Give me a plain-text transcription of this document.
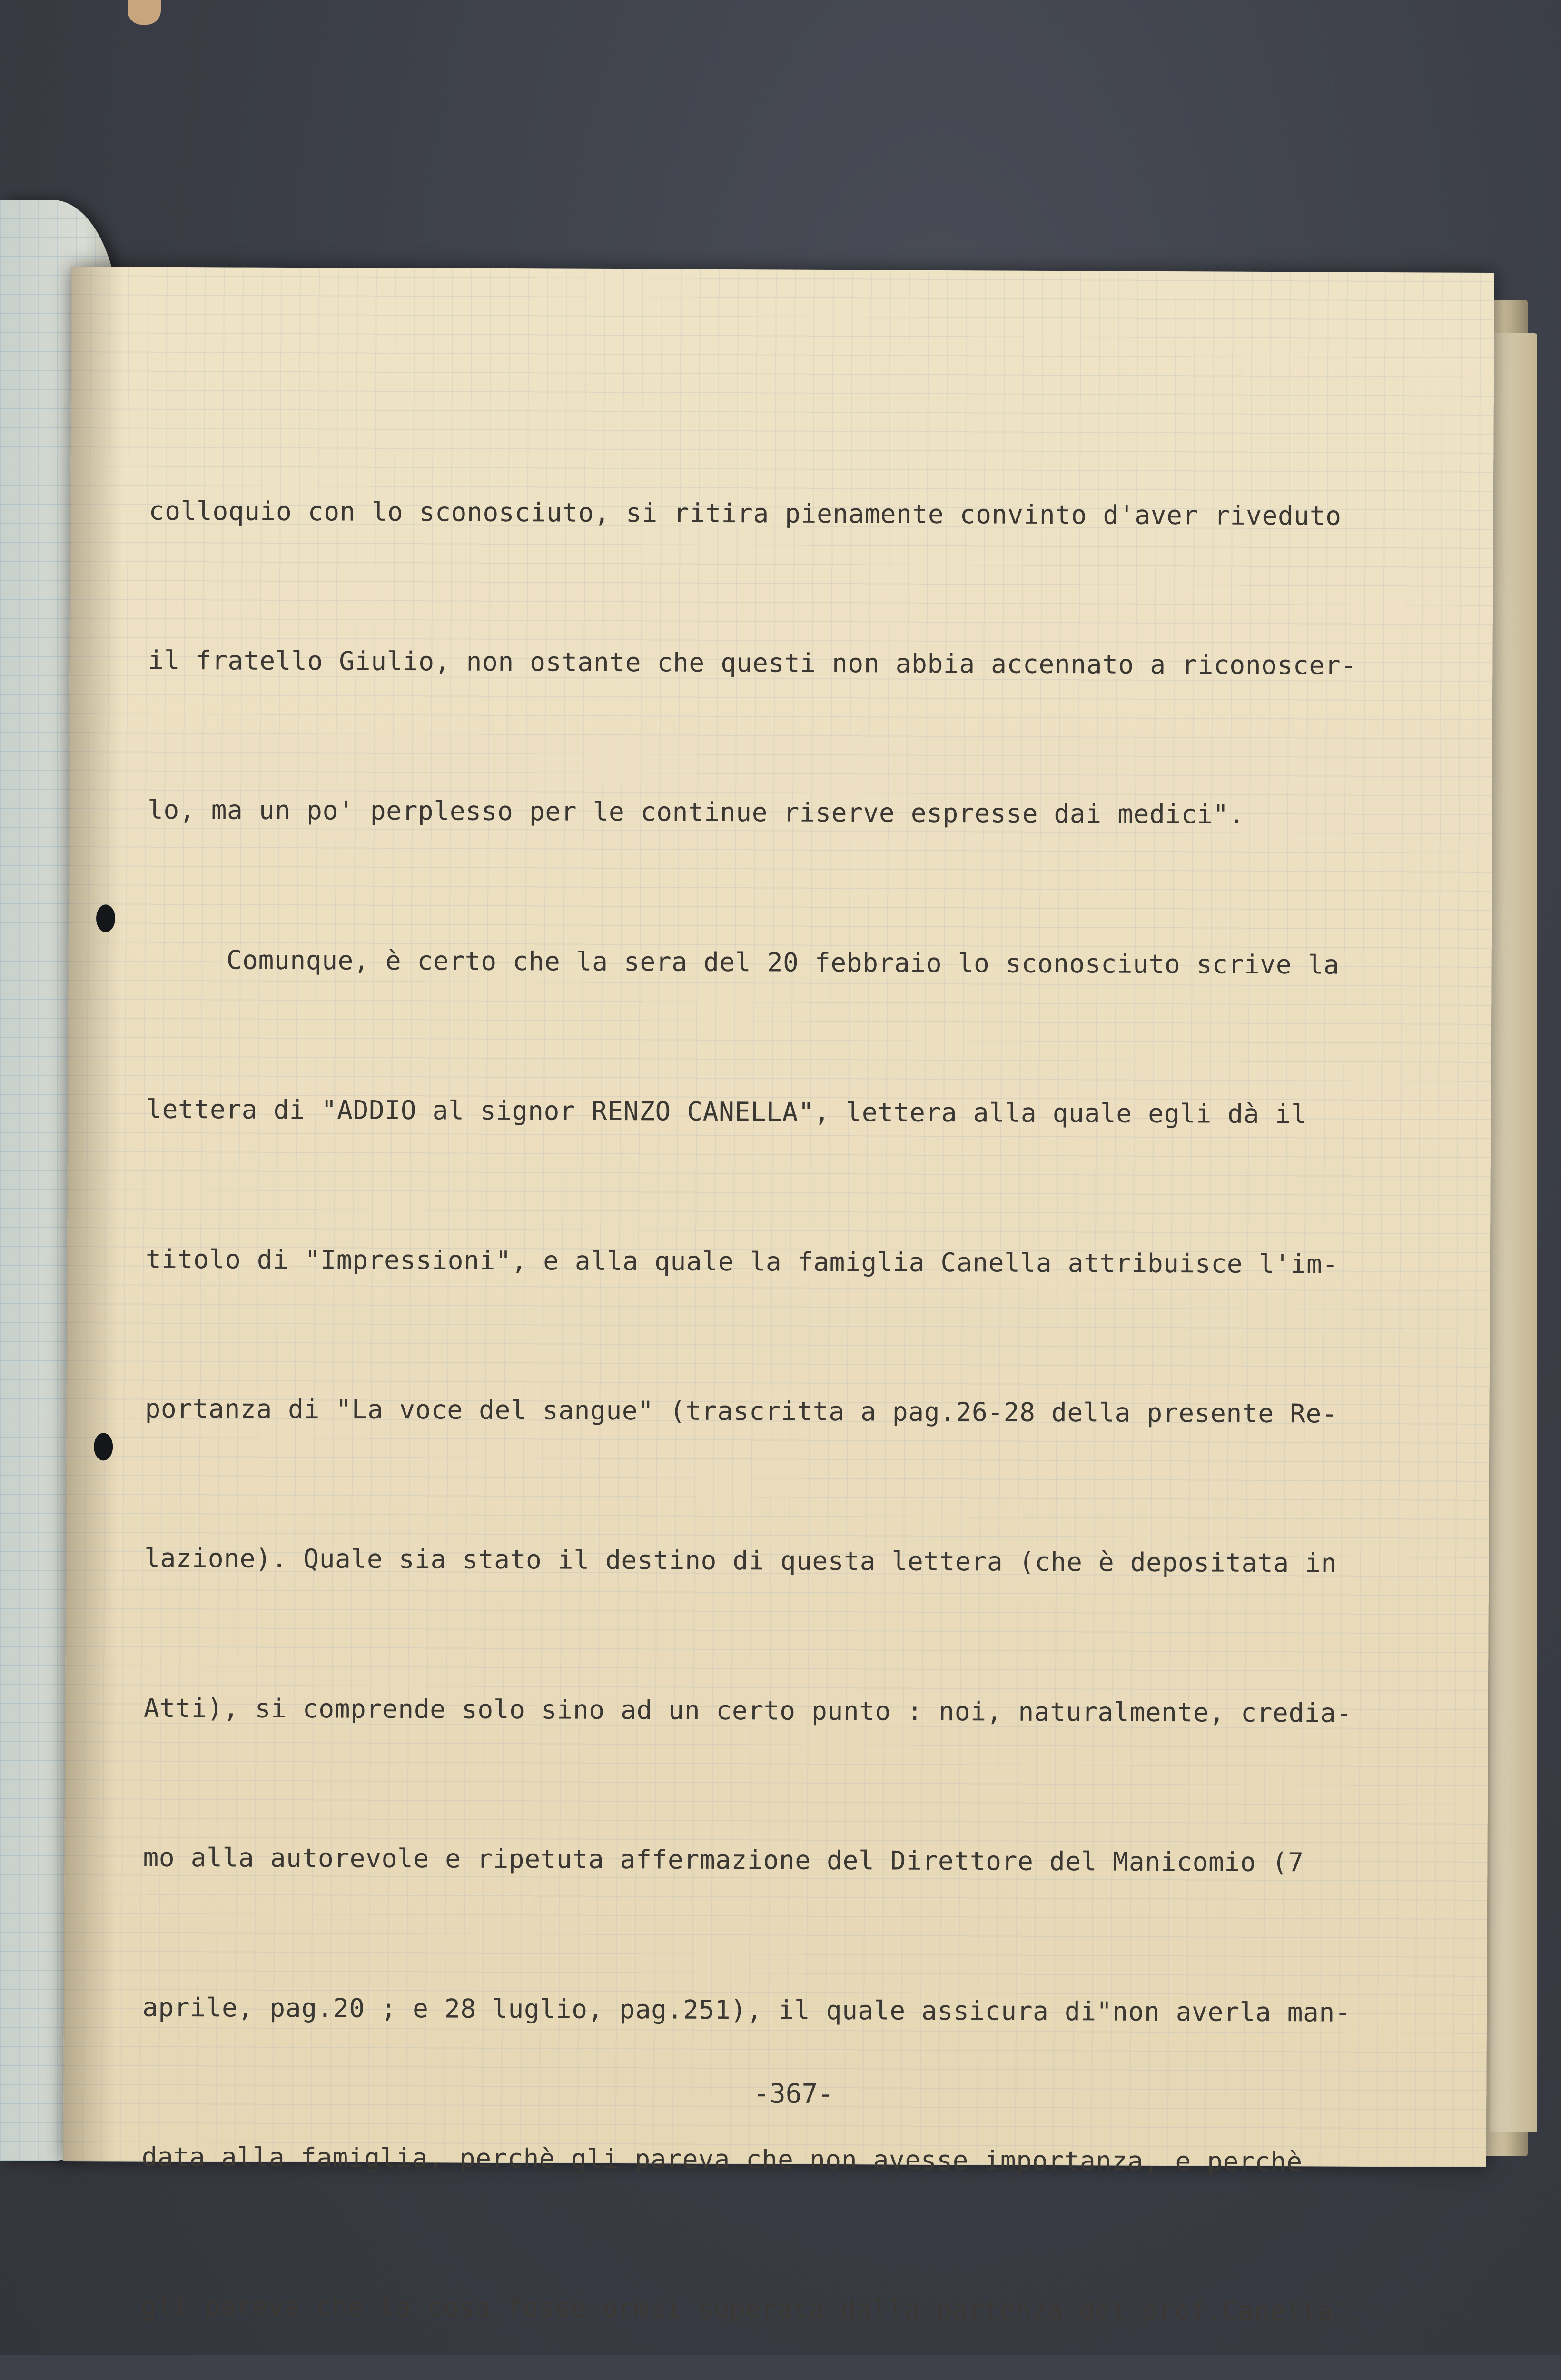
colloquio con lo sconosciuto, si ritira pienamente convinto d'aver riveduto

il fratello Giulio, non ostante che questi non abbia accennato a riconoscer-

lo, ma un po' perplesso per le continue riserve espresse dai medici".

Comunque, è certo che la sera del 20 febbraio lo sconosciuto scrive la

lettera di "ADDIO al signor RENZO CANELLA", lettera alla quale egli dà il

titolo di "Impressioni", e alla quale la famiglia Canella attribuisce l'im-

portanza di "La voce del sangue" (trascritta a pag.26-28 della presente Re-

lazione). Quale sia stato il destino di questa lettera (che è depositata in

Atti), si comprende solo sino ad un certo punto : noi, naturalmente, credia-

mo alla autorevole e ripetuta affermazione del Direttore del Manicomio (7

aprile, pag.20 ; e 28 luglio, pag.251), il quale assicura di"non averla man-

data alla famiglia, perchè gli pareva che non avesse importanza, e perchè

gli pareva che la cosa fosse ormai superata dalla partenza del prof.Canella".

-367-
